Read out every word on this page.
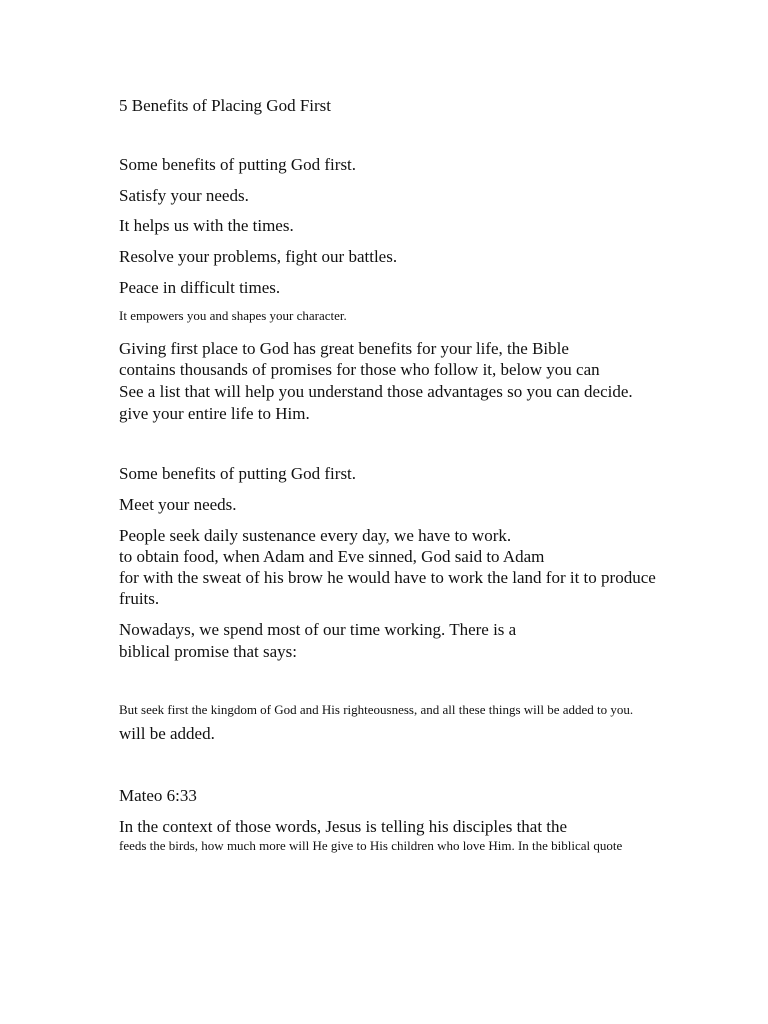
5 Benefits of Placing God First
Some benefits of putting God first.
Satisfy your needs.
It helps us with the times.
Resolve your problems, fight our battles.
Peace in difficult times.
It empowers you and shapes your character.
Giving first place to God has great benefits for your life, the Bible
contains thousands of promises for those who follow it, below you can
See a list that will help you understand those advantages so you can decide.
give your entire life to Him.
Some benefits of putting God first.
Meet your needs.
People seek daily sustenance every day, we have to work.
to obtain food, when Adam and Eve sinned, God said to Adam
for with the sweat of his brow he would have to work the land for it to produce
fruits.
Nowadays, we spend most of our time working. There is a
biblical promise that says:
But seek first the kingdom of God and His righteousness, and all these things will be added to you.
will be added.
Mateo 6:33
In the context of those words, Jesus is telling his disciples that the
feeds the birds, how much more will He give to His children who love Him. In the biblical quote
